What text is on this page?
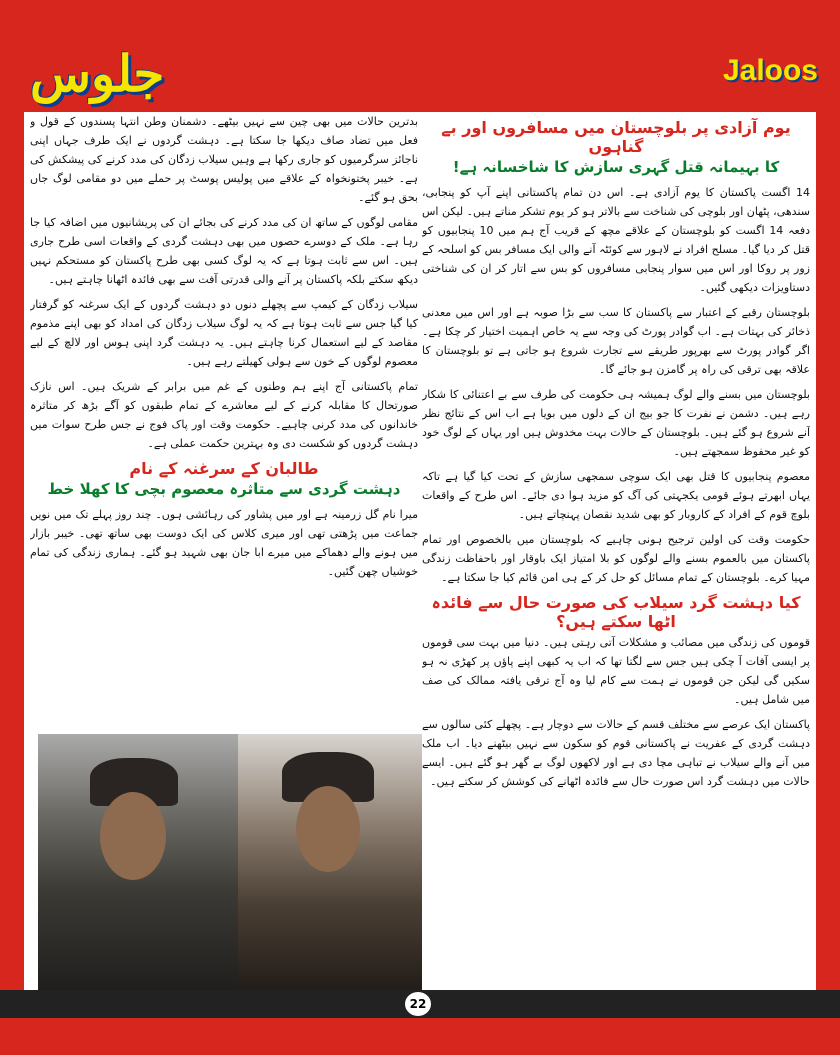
جلوس	Jaloos
یوم آزادی پر بلوچستان میں مسافروں اور بے گناہوں
کا بہیمانہ قتل گہری سازش کا شاخسانہ ہے!

14 اگست پاکستان کا یوم آزادی ہے۔ اس دن تمام پاکستانی اپنے آپ کو پنجابی، سندھی، پٹھان اور بلوچی کی شناخت سے بالاتر ہو کر یوم تشکر مناتے ہیں۔ لیکن اس دفعہ 14 اگست کو بلوچستان کے علاقے مچھ کے قریب آج ہم میں 10 پنجابیوں کو قتل کر دیا گیا۔ مسلح افراد نے لاہور سے کوئٹہ آنے والی ایک مسافر بس کو اسلحہ کے زور پر روکا اور اس میں سوار پنجابی مسافروں کو بس سے اتار کر ان کی شناختی دستاویزات دیکھی گئیں۔

بلوچستان رقبے کے اعتبار سے پاکستان کا سب سے بڑا صوبہ ہے اور اس میں معدنی ذخائر کی بہتات ہے۔ اب گوادر پورٹ کی وجہ سے یہ خاص اہمیت اختیار کر چکا ہے۔ اگر گوادر پورٹ سے بھرپور طریقے سے تجارت شروع ہو جاتی ہے تو بلوچستان کا علاقہ بھی ترقی کی راہ پر گامزن ہو جائے گا۔

بلوچستان میں بسنے والے لوگ ہمیشہ ہی حکومت کی طرف سے بے اعتنائی کا شکار رہے ہیں۔ دشمن نے نفرت کا جو بیج ان کے دلوں میں بویا ہے اب اس کے نتائج نظر آنے شروع ہو گئے ہیں۔ بلوچستان کے حالات بہت مخدوش ہیں اور یہاں کے لوگ خود کو غیر محفوظ سمجھتے ہیں۔

معصوم پنجابیوں کا قتل بھی ایک سوچی سمجھی سازش کے تحت کیا گیا ہے تاکہ یہاں ابھرتے ہوئے قومی یکجہتی کی آگ کو مزید ہوا دی جائے۔ اس طرح کے واقعات بلوچ قوم کے افراد کے کاروبار کو بھی شدید نقصان پہنچاتے ہیں۔

حکومت وقت کی اولین ترجیح ہونی چاہیے کہ بلوچستان میں بالخصوص اور تمام پاکستان میں بالعموم بسنے والے لوگوں کو بلا امتیاز ایک باوقار اور باحفاظت زندگی مہیا کرے۔ بلوچستان کے تمام مسائل کو حل کر کے ہی امن قائم کیا جا سکتا ہے۔

کیا دہشت گرد سیلاب کی صورت حال سے فائدہ اٹھا سکتے ہیں؟

قوموں کی زندگی میں مصائب و مشکلات آتی رہتی ہیں۔ دنیا میں بہت سی قوموں پر ایسی آفات آ چکی ہیں جس سے لگتا تھا کہ اب یہ کبھی اپنے پاؤں پر کھڑی نہ ہو سکیں گی لیکن جن قوموں نے ہمت سے کام لیا وہ آج ترقی یافتہ ممالک کی صف میں شامل ہیں۔

پاکستان ایک عرصے سے مختلف قسم کے حالات سے دوچار ہے۔ پچھلے کئی سالوں سے دہشت گردی کے عفریت نے پاکستانی قوم کو سکون سے نہیں بیٹھنے دیا۔ اب ملک میں آنے والے سیلاب نے تباہی مچا دی ہے اور لاکھوں لوگ بے گھر ہو گئے ہیں۔ ایسے حالات میں دہشت گرد اس صورت حال سے فائدہ اٹھانے کی کوشش کر سکتے ہیں۔

بدترین حالات میں بھی چین سے نہیں بیٹھے۔ دشمنان وطن انتہا پسندوں کے قول و فعل میں تضاد صاف دیکھا جا سکتا ہے۔ دہشت گردوں نے ایک طرف جہاں اپنی ناجائز سرگرمیوں کو جاری رکھا ہے وہیں سیلاب زدگان کی مدد کرنے کی پیشکش کی ہے۔ خیبر پختونخواہ کے علاقے میں پولیس پوسٹ پر حملے میں دو مقامی لوگ جاں بحق ہو گئے۔

مقامی لوگوں کے ساتھ ان کی مدد کرنے کی بجائے ان کی پریشانیوں میں اضافہ کیا جا رہا ہے۔ ملک کے دوسرے حصوں میں بھی دہشت گردی کے واقعات اسی طرح جاری ہیں۔ اس سے ثابت ہوتا ہے کہ یہ لوگ کسی بھی طرح پاکستان کو مستحکم نہیں دیکھ سکتے بلکہ پاکستان پر آنے والی قدرتی آفت سے بھی فائدہ اٹھانا چاہتے ہیں۔

سیلاب زدگان کے کیمپ سے پچھلے دنوں دو دہشت گردوں کے ایک سرغنہ کو گرفتار کیا گیا جس سے ثابت ہوتا ہے کہ یہ لوگ سیلاب زدگان کی امداد کو بھی اپنے مذموم مقاصد کے لیے استعمال کرنا چاہتے ہیں۔ یہ دہشت گرد اپنی ہوس اور لالچ کے لیے معصوم لوگوں کے خون سے ہولی کھیلتے رہے ہیں۔

تمام پاکستانی آج اپنے ہم وطنوں کے غم میں برابر کے شریک ہیں۔ اس نازک صورتحال کا مقابلہ کرنے کے لیے معاشرے کے تمام طبقوں کو آگے بڑھ کر متاثرہ خاندانوں کی مدد کرنی چاہیے۔ حکومت وقت اور پاک فوج نے جس طرح سوات میں دہشت گردوں کو شکست دی وہ بہترین حکمت عملی ہے۔

طالبان کے سرغنہ کے نام
دہشت گردی سے متاثرہ معصوم بچی کا کھلا خط

میرا نام گل زرمینہ ہے اور میں پشاور کی رہائشی ہوں۔ چند روز پہلے تک میں نویں جماعت میں پڑھتی تھی اور میری کلاس کی ایک دوست بھی ساتھ تھی۔ خیبر بازار میں ہونے والے دھماکے میں میرے ابا جان بھی شہید ہو گئے۔ ہماری زندگی کی تمام خوشیاں چھن گئیں۔

22
